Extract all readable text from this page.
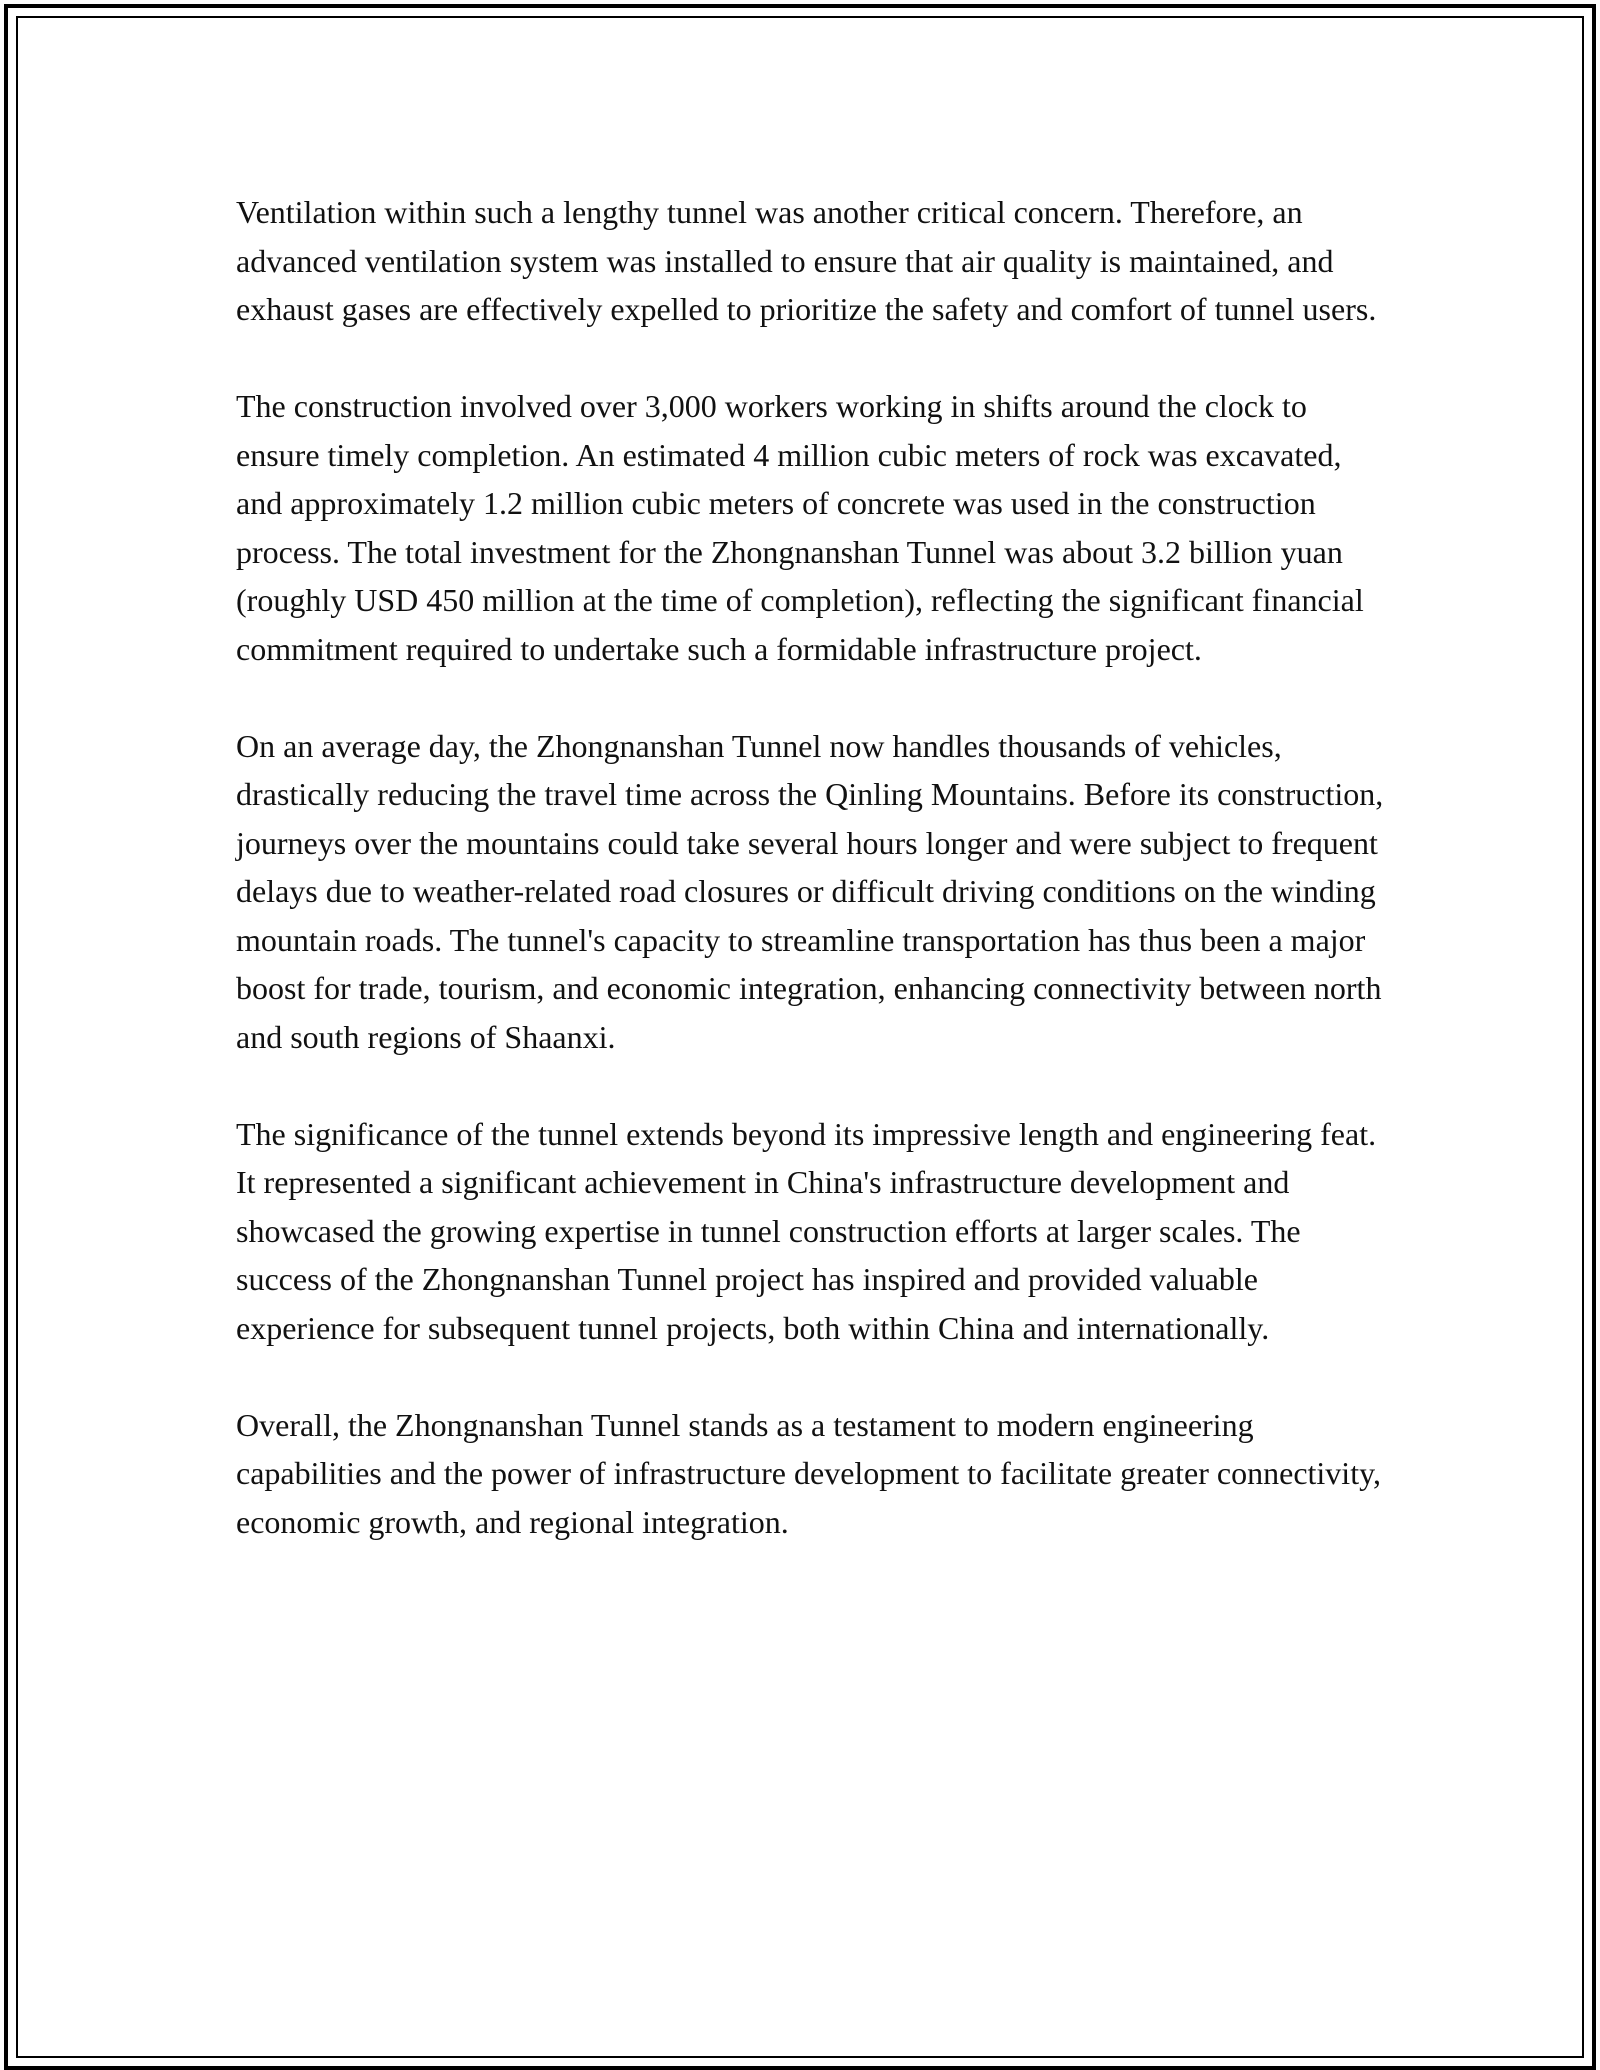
Ventilation within such a lengthy tunnel was another critical concern. Therefore, an advanced ventilation system was installed to ensure that air quality is maintained, and exhaust gases are effectively expelled to prioritize the safety and comfort of tunnel users.

The construction involved over 3,000 workers working in shifts around the clock to ensure timely completion. An estimated 4 million cubic meters of rock was excavated, and approximately 1.2 million cubic meters of concrete was used in the construction process. The total investment for the Zhongnanshan Tunnel was about 3.2 billion yuan (roughly USD 450 million at the time of completion), reflecting the significant financial commitment required to undertake such a formidable infrastructure project.

On an average day, the Zhongnanshan Tunnel now handles thousands of vehicles, drastically reducing the travel time across the Qinling Mountains. Before its construction, journeys over the mountains could take several hours longer and were subject to frequent delays due to weather-related road closures or difficult driving conditions on the winding mountain roads. The tunnel's capacity to streamline transportation has thus been a major boost for trade, tourism, and economic integration, enhancing connectivity between north and south regions of Shaanxi.

The significance of the tunnel extends beyond its impressive length and engineering feat. It represented a significant achievement in China's infrastructure development and showcased the growing expertise in tunnel construction efforts at larger scales. The success of the Zhongnanshan Tunnel project has inspired and provided valuable experience for subsequent tunnel projects, both within China and internationally.

Overall, the Zhongnanshan Tunnel stands as a testament to modern engineering capabilities and the power of infrastructure development to facilitate greater connectivity, economic growth, and regional integration.
